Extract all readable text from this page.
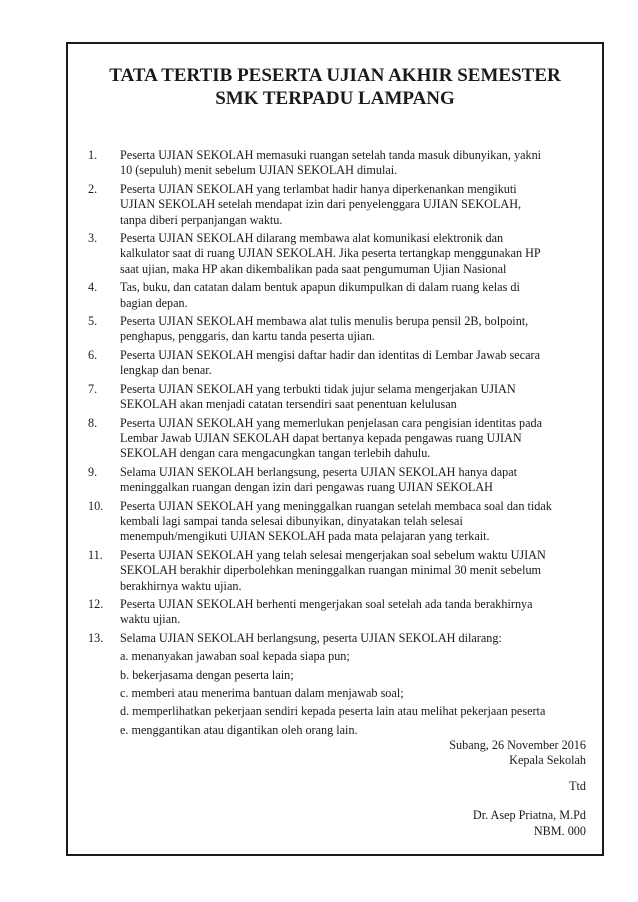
TATA TERTIB PESERTA UJIAN AKHIR SEMESTER
SMK TERPADU LAMPANG
1.	Peserta UJIAN SEKOLAH memasuki ruangan setelah tanda masuk dibunyikan, yakni
10 (sepuluh) menit sebelum UJIAN SEKOLAH dimulai.
2.	Peserta UJIAN SEKOLAH yang terlambat hadir hanya diperkenankan mengikuti
UJIAN SEKOLAH setelah mendapat izin dari penyelenggara UJIAN SEKOLAH,
tanpa diberi perpanjangan waktu.
3.	Peserta UJIAN SEKOLAH dilarang membawa alat komunikasi elektronik dan
kalkulator saat di ruang UJIAN SEKOLAH. Jika peserta tertangkap menggunakan HP
saat ujian, maka HP akan dikembalikan pada saat pengumuman Ujian Nasional
4.	Tas, buku, dan catatan dalam bentuk apapun dikumpulkan di dalam ruang kelas di
bagian depan.
5.	Peserta UJIAN SEKOLAH membawa alat tulis menulis berupa pensil 2B, bolpoint,
penghapus, penggaris, dan kartu tanda peserta ujian.
6.	Peserta UJIAN SEKOLAH mengisi daftar hadir dan identitas di Lembar Jawab secara
lengkap dan benar.
7.	Peserta UJIAN SEKOLAH yang terbukti tidak jujur selama mengerjakan UJIAN
SEKOLAH akan menjadi catatan tersendiri saat penentuan kelulusan
8.	Peserta UJIAN SEKOLAH yang memerlukan penjelasan cara pengisian identitas pada
Lembar Jawab UJIAN SEKOLAH dapat bertanya kepada pengawas ruang UJIAN
SEKOLAH dengan cara mengacungkan tangan terlebih dahulu.
9.	Selama UJIAN SEKOLAH berlangsung, peserta UJIAN SEKOLAH hanya dapat
meninggalkan ruangan dengan izin dari pengawas ruang UJIAN SEKOLAH
10.	Peserta UJIAN SEKOLAH yang meninggalkan ruangan setelah membaca soal dan tidak
kembali lagi sampai tanda selesai dibunyikan, dinyatakan telah selesai
menempuh/mengikuti UJIAN SEKOLAH pada mata pelajaran yang terkait.
11.	Peserta UJIAN SEKOLAH yang telah selesai mengerjakan soal sebelum waktu UJIAN
SEKOLAH berakhir diperbolehkan meninggalkan ruangan minimal 30 menit sebelum
berakhirnya waktu ujian.
12.	Peserta UJIAN SEKOLAH berhenti mengerjakan soal setelah ada tanda berakhirnya
waktu ujian.
13.	Selama UJIAN SEKOLAH berlangsung, peserta UJIAN SEKOLAH dilarang:
a. menanyakan jawaban soal kepada siapa pun;
b. bekerjasama dengan peserta lain;
c. memberi atau menerima bantuan dalam menjawab soal;
d. memperlihatkan pekerjaan sendiri kepada peserta lain atau melihat pekerjaan peserta
e. menggantikan atau digantikan oleh orang lain.
Subang, 26 November 2016
Kepala Sekolah
Ttd
Dr. Asep Priatna, M.Pd
NBM. 000
